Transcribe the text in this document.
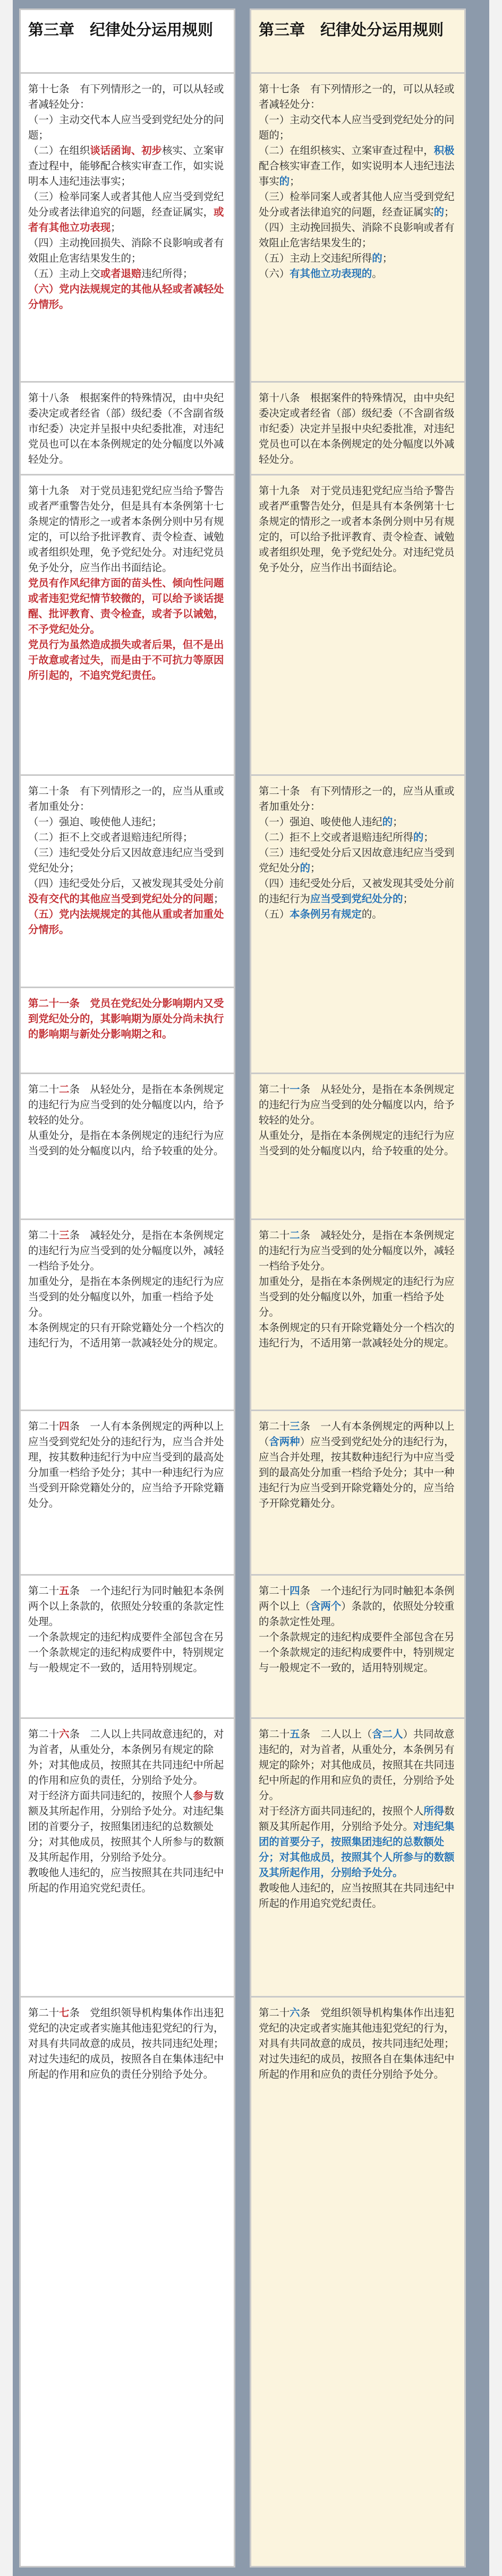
第三章　纪律处分运用规则

第十七条　有下列情形之一的，可以从轻或者减轻处分：

（一）主动交代本人应当受到党纪处分的问题；

（二）在组织谈话函询、初步核实、立案审查过程中，能够配合核实审查工作，如实说明本人违纪违法事实；

（三）检举同案人或者其他人应当受到党纪处分或者法律追究的问题，经查证属实，或者有其他立功表现；

（四）主动挽回损失、消除不良影响或者有效阻止危害结果发生的；

（五）主动上交或者退赔违纪所得；

（六）党内法规规定的其他从轻或者减轻处分情形。

第十八条　根据案件的特殊情况，由中央纪委决定或者经省（部）级纪委（不含副省级市纪委）决定并呈报中央纪委批准，对违纪党员也可以在本条例规定的处分幅度以外减轻处分。

第十九条　对于党员违犯党纪应当给予警告或者严重警告处分，但是具有本条例第十七条规定的情形之一或者本条例分则中另有规定的，可以给予批评教育、责令检查、诫勉或者组织处理，免予党纪处分。对违纪党员免予处分，应当作出书面结论。

党员有作风纪律方面的苗头性、倾向性问题或者违犯党纪情节较微的，可以给予谈话提醒、批评教育、责令检查，或者予以诫勉，不予党纪处分。

党员行为虽然造成损失或者后果，但不是出于故意或者过失，而是由于不可抗力等原因所引起的，不追究党纪责任。

第二十条　有下列情形之一的，应当从重或者加重处分：

（一）强迫、唆使他人违纪；

（二）拒不上交或者退赔违纪所得；

（三）违纪受处分后又因故意违纪应当受到党纪处分；

（四）违纪受处分后，又被发现其受处分前没有交代的其他应当受到党纪处分的问题；

（五）党内法规规定的其他从重或者加重处分情形。

第二十一条　党员在党纪处分影响期内又受到党纪处分的，其影响期为原处分尚未执行的影响期与新处分影响期之和。

第二十二条　从轻处分，是指在本条例规定的违纪行为应当受到的处分幅度以内，给予较轻的处分。

从重处分，是指在本条例规定的违纪行为应当受到的处分幅度以内，给予较重的处分。

第二十三条　减轻处分，是指在本条例规定的违纪行为应当受到的处分幅度以外，减轻一档给予处分。

加重处分，是指在本条例规定的违纪行为应当受到的处分幅度以外，加重一档给予处分。

本条例规定的只有开除党籍处分一个档次的违纪行为，不适用第一款减轻处分的规定。

第二十四条　一人有本条例规定的两种以上应当受到党纪处分的违纪行为，应当合并处理，按其数种违纪行为中应当受到的最高处分加重一档给予处分；其中一种违纪行为应当受到开除党籍处分的，应当给予开除党籍处分。

第二十五条　一个违纪行为同时触犯本条例两个以上条款的，依照处分较重的条款定性处理。

一个条款规定的违纪构成要件全部包含在另一个条款规定的违纪构成要件中，特别规定与一般规定不一致的，适用特别规定。

第二十六条　二人以上共同故意违纪的，对为首者，从重处分，本条例另有规定的除外；对其他成员，按照其在共同违纪中所起的作用和应负的责任，分别给予处分。

对于经济方面共同违纪的，按照个人参与数额及其所起作用，分别给予处分。对违纪集团的首要分子，按照集团违纪的总数额处分；对其他成员，按照其个人所参与的数额及其所起作用，分别给予处分。

教唆他人违纪的，应当按照其在共同违纪中所起的作用追究党纪责任。

第二十七条　党组织领导机构集体作出违犯党纪的决定或者实施其他违犯党纪的行为，对具有共同故意的成员，按共同违纪处理；对过失违纪的成员，按照各自在集体违纪中所起的作用和应负的责任分别给予处分。

第三章　纪律处分运用规则

第十七条　有下列情形之一的，可以从轻或者减轻处分：

（一）主动交代本人应当受到党纪处分的问题的；

（二）在组织核实、立案审查过程中，积极配合核实审查工作，如实说明本人违纪违法事实的；

（三）检举同案人或者其他人应当受到党纪处分或者法律追究的问题，经查证属实的；

（四）主动挽回损失、消除不良影响或者有效阻止危害结果发生的；

（五）主动上交违纪所得的；

（六）有其他立功表现的。

第十八条　根据案件的特殊情况，由中央纪委决定或者经省（部）级纪委（不含副省级市纪委）决定并呈报中央纪委批准，对违纪党员也可以在本条例规定的处分幅度以外减轻处分。

第十九条　对于党员违犯党纪应当给予警告或者严重警告处分，但是具有本条例第十七条规定的情形之一或者本条例分则中另有规定的，可以给予批评教育、责令检查、诫勉或者组织处理，免予党纪处分。对违纪党员免予处分，应当作出书面结论。

第二十条　有下列情形之一的，应当从重或者加重处分：

（一）强迫、唆使他人违纪的；

（二）拒不上交或者退赔违纪所得的；

（三）违纪受处分后又因故意违纪应当受到党纪处分的；

（四）违纪受处分后，又被发现其受处分前的违纪行为应当受到党纪处分的；

（五）本条例另有规定的。

第二十一条　从轻处分，是指在本条例规定的违纪行为应当受到的处分幅度以内，给予较轻的处分。

从重处分，是指在本条例规定的违纪行为应当受到的处分幅度以内，给予较重的处分。

第二十二条　减轻处分，是指在本条例规定的违纪行为应当受到的处分幅度以外，减轻一档给予处分。

加重处分，是指在本条例规定的违纪行为应当受到的处分幅度以外，加重一档给予处分。

本条例规定的只有开除党籍处分一个档次的违纪行为，不适用第一款减轻处分的规定。

第二十三条　一人有本条例规定的两种以上（含两种）应当受到党纪处分的违纪行为，应当合并处理，按其数种违纪行为中应当受到的最高处分加重一档给予处分；其中一种违纪行为应当受到开除党籍处分的，应当给予开除党籍处分。

第二十四条　一个违纪行为同时触犯本条例两个以上（含两个）条款的，依照处分较重的条款定性处理。

一个条款规定的违纪构成要件全部包含在另一个条款规定的违纪构成要件中，特别规定与一般规定不一致的，适用特别规定。

第二十五条　二人以上（含二人）共同故意违纪的，对为首者，从重处分，本条例另有规定的除外；对其他成员，按照其在共同违纪中所起的作用和应负的责任，分别给予处分。

对于经济方面共同违纪的，按照个人所得数额及其所起作用，分别给予处分。对违纪集团的首要分子，按照集团违纪的总数额处分；对其他成员，按照其个人所参与的数额及其所起作用，分别给予处分。

教唆他人违纪的，应当按照其在共同违纪中所起的作用追究党纪责任。

第二十六条　党组织领导机构集体作出违犯党纪的决定或者实施其他违犯党纪的行为，对具有共同故意的成员，按共同违纪处理；对过失违纪的成员，按照各自在集体违纪中所起的作用和应负的责任分别给予处分。
